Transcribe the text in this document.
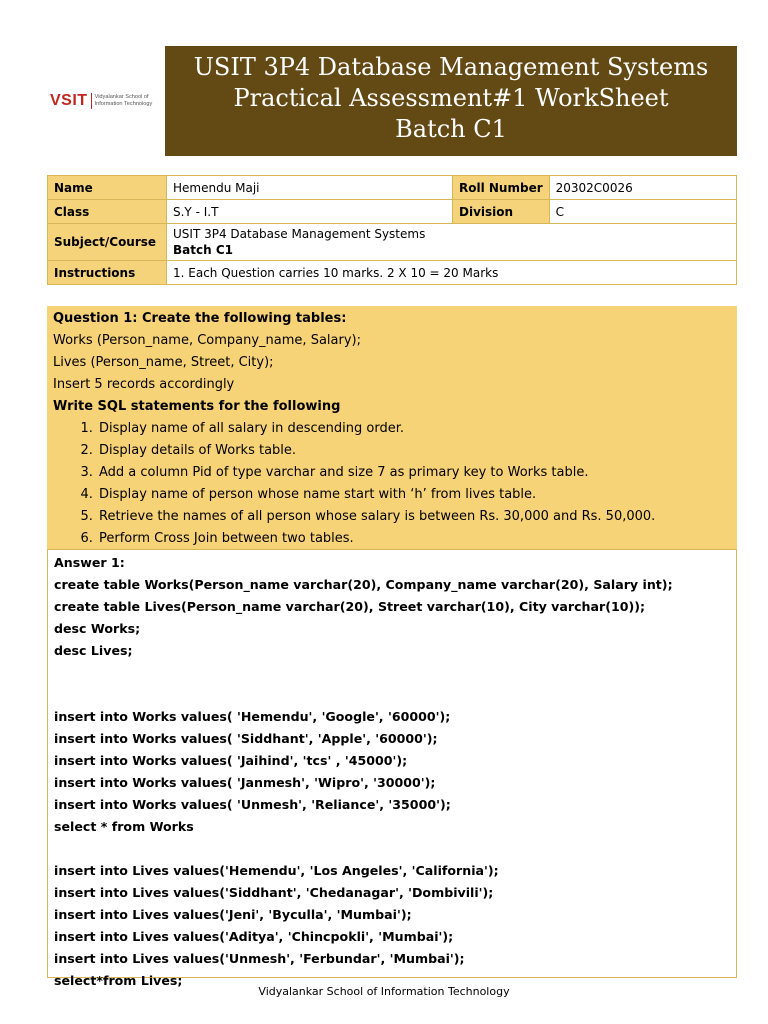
VSIT Vidyalankar School of
Information Technology
USIT 3P4 Database Management Systems
Practical Assessment#1 WorkSheet
Batch C1
Name	Hemendu Maji	Roll Number	20302C0026
Class	S.Y - I.T	Division	C
Subject/Course	USIT 3P4 Database Management Systems
Batch C1		

Instructions	1. Each Question carries 10 marks. 2 X 10 = 20 Marks		
Question 1: Create the following tables:
Works (Person_name, Company_name, Salary);
Lives (Person_name, Street, City);
Insert 5 records accordingly
Write SQL statements for the following
1. Display name of all salary in descending order.
2. Display details of Works table.
3. Add a column Pid of type varchar and size 7 as primary key to Works table.
4. Display name of person whose name start with ‘h’ from lives table.
5. Retrieve the names of all person whose salary is between Rs. 30,000 and Rs. 50,000.
6. Perform Cross Join between two tables.
Answer 1:
create table Works(Person_name varchar(20), Company_name varchar(20), Salary int);
create table Lives(Person_name varchar(20), Street varchar(10), City varchar(10));
desc Works;
desc Lives;
insert into Works values( 'Hemendu', 'Google', '60000');
insert into Works values( 'Siddhant', 'Apple', '60000');
insert into Works values( 'Jaihind', 'tcs' , '45000');
insert into Works values( 'Janmesh', 'Wipro', '30000');
insert into Works values( 'Unmesh', 'Reliance', '35000');
select * from Works
insert into Lives values('Hemendu', 'Los Angeles', 'California');
insert into Lives values('Siddhant', 'Chedanagar', 'Dombivili');
insert into Lives values('Jeni', 'Byculla', 'Mumbai');
insert into Lives values('Aditya', 'Chincpokli', 'Mumbai');
insert into Lives values('Unmesh', 'Ferbundar', 'Mumbai');
select*from Lives;
Vidyalankar School of Information Technology
